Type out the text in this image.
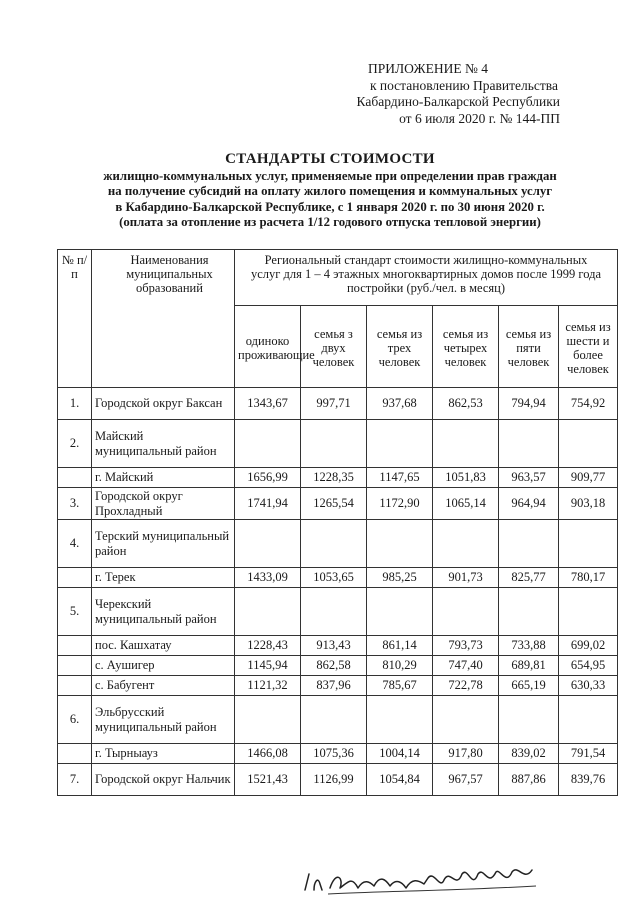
ПРИЛОЖЕНИЕ № 4
к постановлению Правительства
Кабардино-Балкарской Республики
от 6 июля 2020 г. № 144-ПП
СТАНДАРТЫ СТОИМОСТИ
жилищно-коммунальных услуг, применяемые при определении прав граждан
на получение субсидий на оплату жилого помещения и коммунальных услуг
в Кабардино-Балкарской Республике, с 1 января 2020 г. по 30 июня 2020 г.
(оплата за отопление из расчета 1/12 годового отпуска тепловой энергии)
№ п/п	Наименования муниципальных образований	Региональный стандарт стоимости жилищно-коммунальных услуг для 1 – 4 этажных многоквартирных домов после 1999 года постройки (руб./чел. в месяц)					
		одиноко проживающие	семья з двух человек	семья из трех человек	семья из четырех человек	семья из пяти человек	семья из шести и более человек
1.	Городской округ Баксан	1343,67	997,71	937,68	862,53	794,94	754,92
2.	Майский муниципальный район						
	г. Майский	1656,99	1228,35	1147,65	1051,83	963,57	909,77
3.	Городской округ Прохладный	1741,94	1265,54	1172,90	1065,14	964,94	903,18
4.	Терский муниципальный район						
	г. Терек	1433,09	1053,65	985,25	901,73	825,77	780,17
5.	Черекский муниципальный район						
	пос. Кашхатау	1228,43	913,43	861,14	793,73	733,88	699,02
	с. Аушигер	1145,94	862,58	810,29	747,40	689,81	654,95
	с. Бабугент	1121,32	837,96	785,67	722,78	665,19	630,33
6.	Эльбрусский муниципальный район						
	г. Тырныауз	1466,08	1075,36	1004,14	917,80	839,02	791,54
7.	Городской округ Нальчик	1521,43	1126,99	1054,84	967,57	887,86	839,76
